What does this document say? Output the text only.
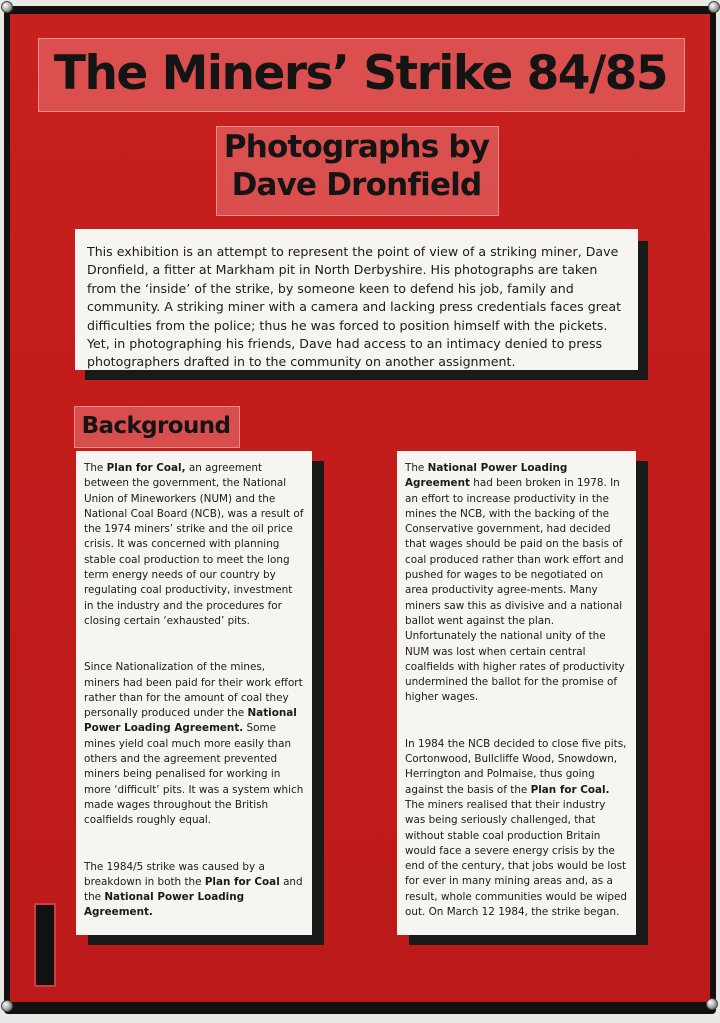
The Miners’ Strike 84/85
Photographs by
Dave Dronfield
This exhibition is an attempt to represent the point of view of a striking miner, Dave Dronfield, a fitter at Markham pit in North Derbyshire. His photographs are taken from the ‘inside’ of the strike, by someone keen to defend his job, family and community. A striking miner with a camera and lacking press credentials faces great difficulties from the police; thus he was forced to position himself with the pickets. Yet, in photographing his friends, Dave had access to an intimacy denied to press photographers drafted in to the community on another assignment.
Background

The Plan for Coal, an agreement between the government, the National Union of Mineworkers (NUM) and the National Coal Board (NCB), was a result of the 1974 miners’ strike and the oil price crisis. It was concerned with planning stable coal production to meet the long term energy needs of our country by regulating coal productivity, investment in the industry and the procedures for closing certain ‘exhausted’ pits.

Since Nationalization of the mines, miners had been paid for their work effort rather than for the amount of coal they personally produced under the National Power Loading Agreement. Some mines yield coal much more easily than others and the agreement prevented miners being penalised for working in more ‘difficult’ pits. It was a system which made wages throughout the British coalfields roughly equal.

The 1984/5 strike was caused by a breakdown in both the Plan for Coal and the National Power Loading Agreement.

The National Power Loading Agreement had been broken in 1978. In an effort to increase productivity in the mines the NCB, with the backing of the Conservative government, had decided that wages should be paid on the basis of coal produced rather than work effort and pushed for wages to be negotiated on area productivity agree-ments. Many miners saw this as divisive and a national ballot went against the plan. Unfortunately the national unity of the NUM was lost when certain central coalfields with higher rates of productivity undermined the ballot for the promise of higher wages.

In 1984 the NCB decided to close five pits, Cortonwood, Bullcliffe Wood, Snowdown, Herrington and Polmaise, thus going against the basis of the Plan for Coal. The miners realised that their industry was being seriously challenged, that without stable coal production Britain would face a severe energy crisis by the end of the century, that jobs would be lost for ever in many mining areas and, as a result, whole communities would be wiped out. On March 12 1984, the strike began.
